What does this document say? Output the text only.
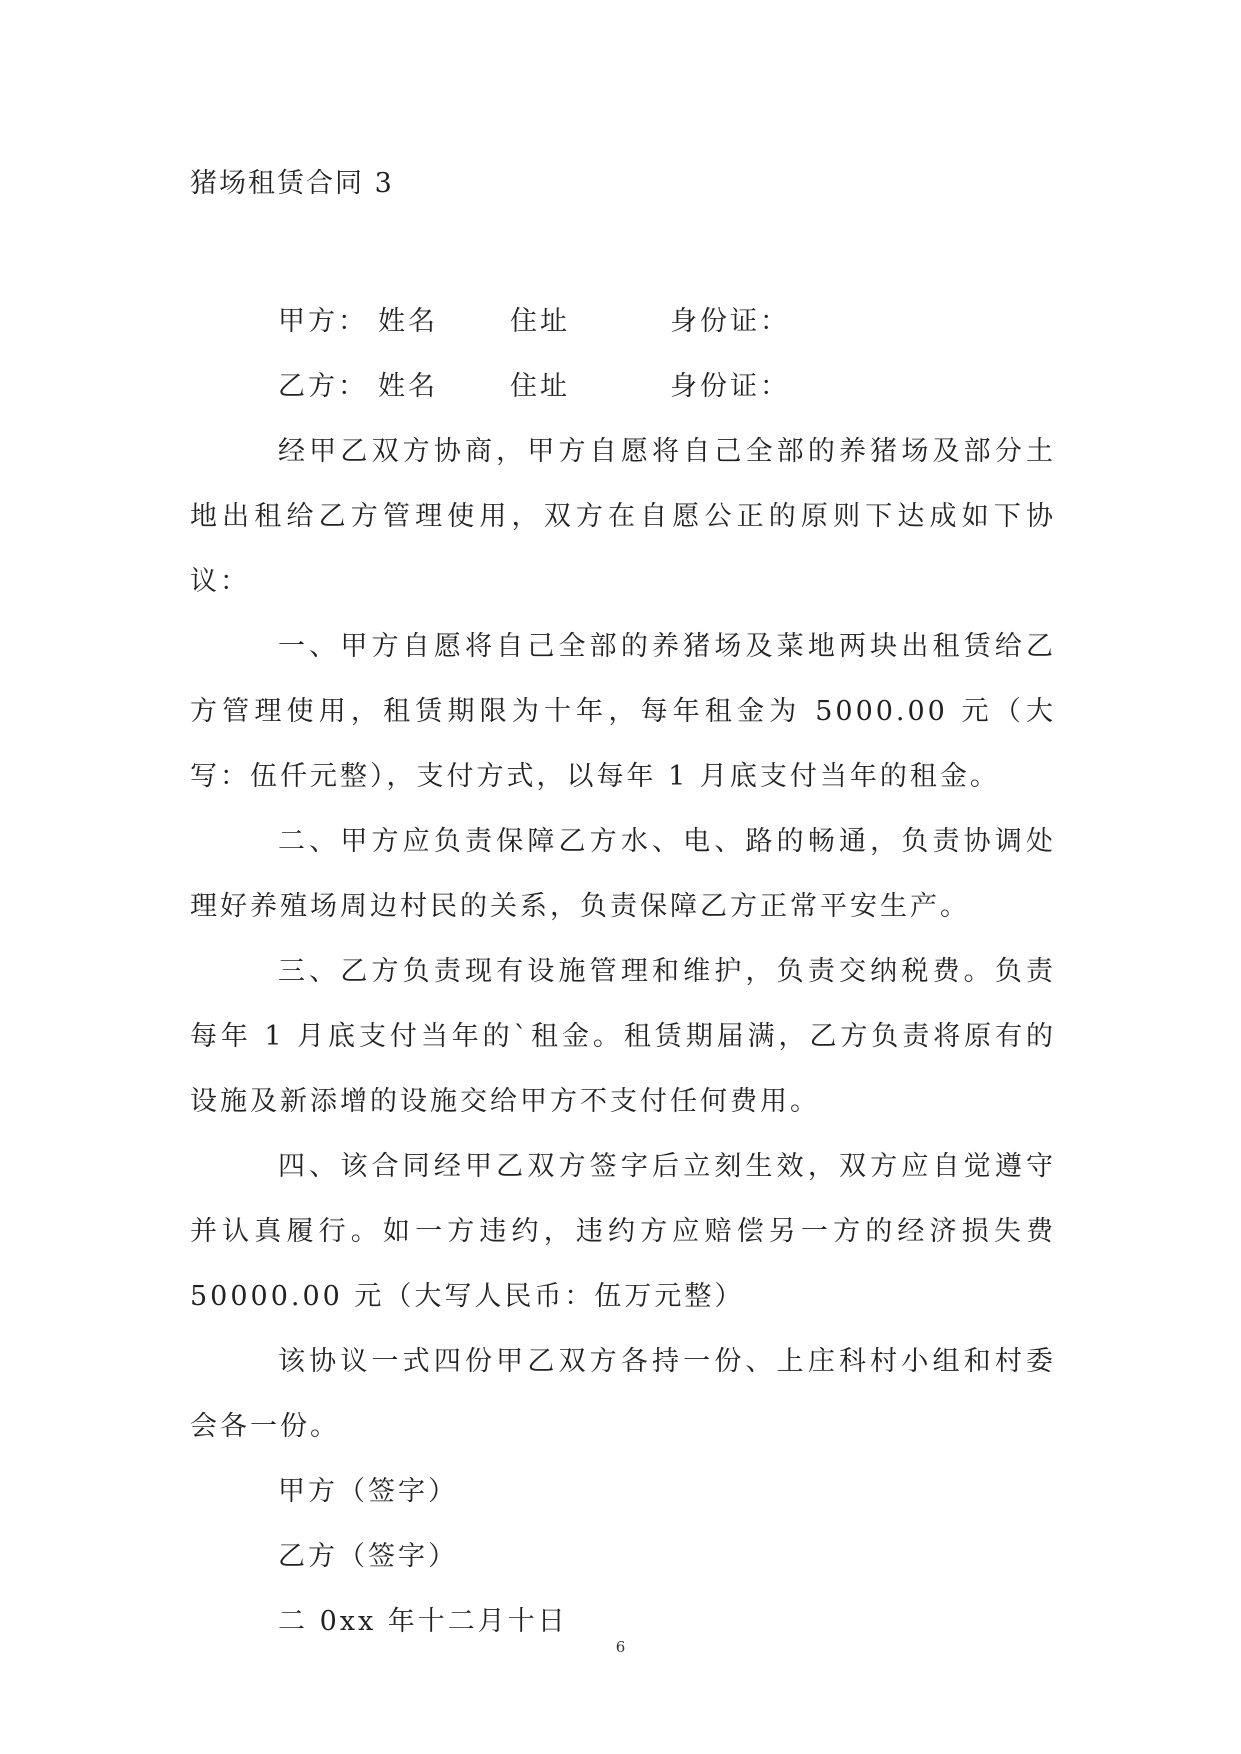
猪场租赁合同 3
甲方： 姓名	住址	身份证：
乙方： 姓名	住址	身份证：

经甲乙双方协商，甲方自愿将自己全部的养猪场及部分土地出租给乙方管理使用，双方在自愿公正的原则下达成如下协议：

一、甲方自愿将自己全部的养猪场及菜地两块出租赁给乙方管理使用，租赁期限为十年，每年租金为 5000.00 元（大写：伍仟元整），支付方式，以每年 1 月底支付当年的租金。

二、甲方应负责保障乙方水、电、路的畅通，负责协调处理好养殖场周边村民的关系，负责保障乙方正常平安生产。

三、乙方负责现有设施管理和维护，负责交纳税费。负责每年 1 月底支付当年的`租金。租赁期届满，乙方负责将原有的设施及新添增的设施交给甲方不支付任何费用。

四、该合同经甲乙双方签字后立刻生效，双方应自觉遵守并认真履行。如一方违约，违约方应赔偿另一方的经济损失费 50000.00 元（大写人民币：伍万元整）

该协议一式四份甲乙双方各持一份、上庄科村小组和村委会各一份。

甲方（签字）

乙方（签字）

二 0xx 年十二月十日

6
